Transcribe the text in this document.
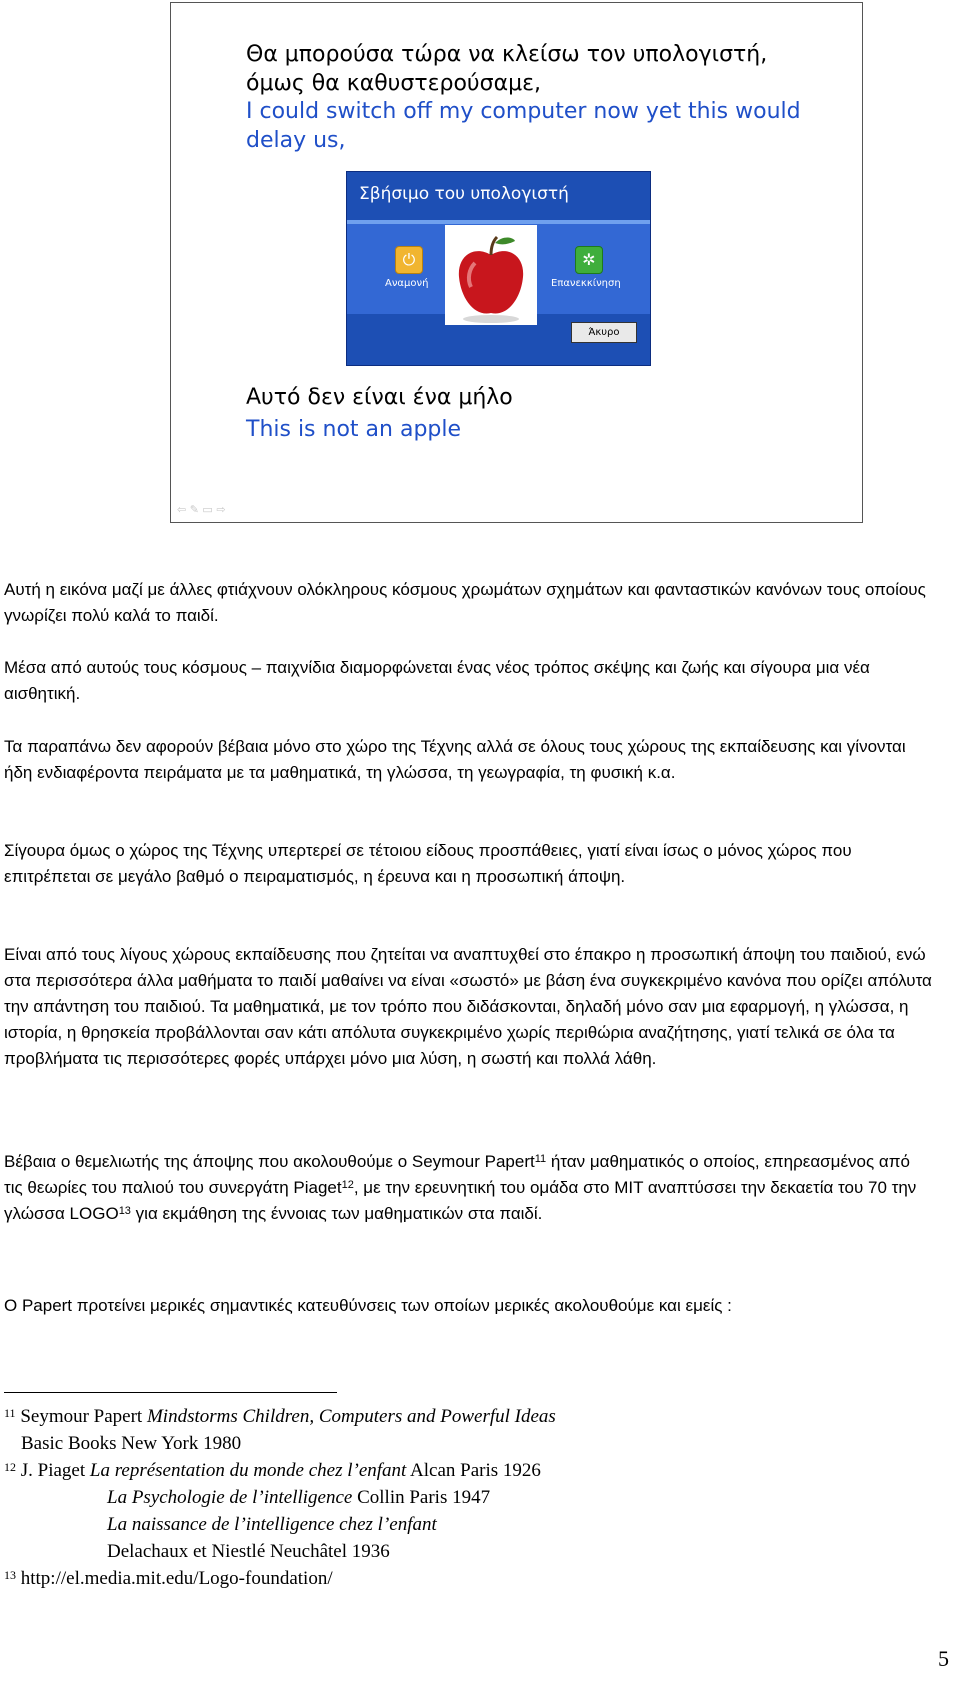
Θα μπορούσα τώρα να κλείσω τον υπολογιστή,
όμως θα καθυστερούσαμε,
I could switch off my computer now yet this would
delay us,
Σβήσιμο του υπολογιστή
⏻
Αναμονή
✲
Επανεκκίνηση
Άκυρο
Αυτό δεν είναι ένα μήλο
This is not an apple
⇦ ✎ ▭ ⇨

Αυτή η εικόνα μαζί με άλλες φτιάχνουν ολόκληρους κόσμους χρωμάτων σχημάτων και φανταστικών κανόνων τους οποίους γνωρίζει πολύ καλά το παιδί.

Μέσα από αυτούς τους κόσμους – παιχνίδια διαμορφώνεται ένας νέος τρόπος σκέψης και ζωής και σίγουρα μια νέα αισθητική.

Τα παραπάνω δεν αφορούν βέβαια μόνο στο χώρο της Τέχνης αλλά σε όλους τους χώρους της εκπαίδευσης και γίνονται ήδη ενδιαφέροντα πειράματα με τα μαθηματικά, τη γλώσσα, τη γεωγραφία, τη φυσική κ.α.

Σίγουρα όμως ο χώρος της Τέχνης υπερτερεί σε τέτοιου είδους προσπάθειες, γιατί είναι ίσως ο μόνος χώρος που επιτρέπεται σε μεγάλο βαθμό ο πειραματισμός, η έρευνα και η προσωπική άποψη.

Είναι από τους λίγους χώρους εκπαίδευσης που ζητείται να αναπτυχθεί στο έπακρο η προσωπική άποψη του παιδιού, ενώ στα περισσότερα άλλα μαθήματα το παιδί μαθαίνει να είναι «σωστό» με βάση ένα συγκεκριμένο κανόνα που ορίζει απόλυτα την απάντηση του παιδιού. Τα μαθηματικά, με τον τρόπο που διδάσκονται, δηλαδή μόνο σαν μια εφαρμογή, η γλώσσα, η ιστορία, η θρησκεία προβάλλονται σαν κάτι απόλυτα συγκεκριμένο χωρίς περιθώρια αναζήτησης, γιατί τελικά σε όλα τα προβλήματα τις περισσότερες φορές υπάρχει μόνο μια λύση, η σωστή και πολλά λάθη.

Βέβαια ο θεμελιωτής της άποψης που ακολουθούμε ο Seymour Papert$^{11}$ ήταν μαθηματικός ο οποίος, επηρεασμένος από τις θεωρίες του παλιού του συνεργάτη Piaget$^{12}$, με την ερευνητική του ομάδα στο MIT αναπτύσσει την δεκαετία του 70 την γλώσσα LOGO$^{13}$ για εκμάθηση της έννοιας των μαθηματικών στα παιδί.

O Papert προτείνει μερικές σημαντικές κατευθύνσεις των οποίων μερικές ακολουθούμε και εμείς :

$^{11}$ Seymour Papert Mindstorms Children, Computers and Powerful Ideas
Basic Books New York 1980
$^{12}$ J. Piaget La représentation du monde chez l’enfant Alcan Paris 1926
La Psychologie de l’intelligence Collin Paris 1947
La naissance de l’intelligence chez l’enfant
Delachaux et Niestlé Neuchâtel 1936
$^{13}$ http://el.media.mit.edu/Logo-foundation/
5
